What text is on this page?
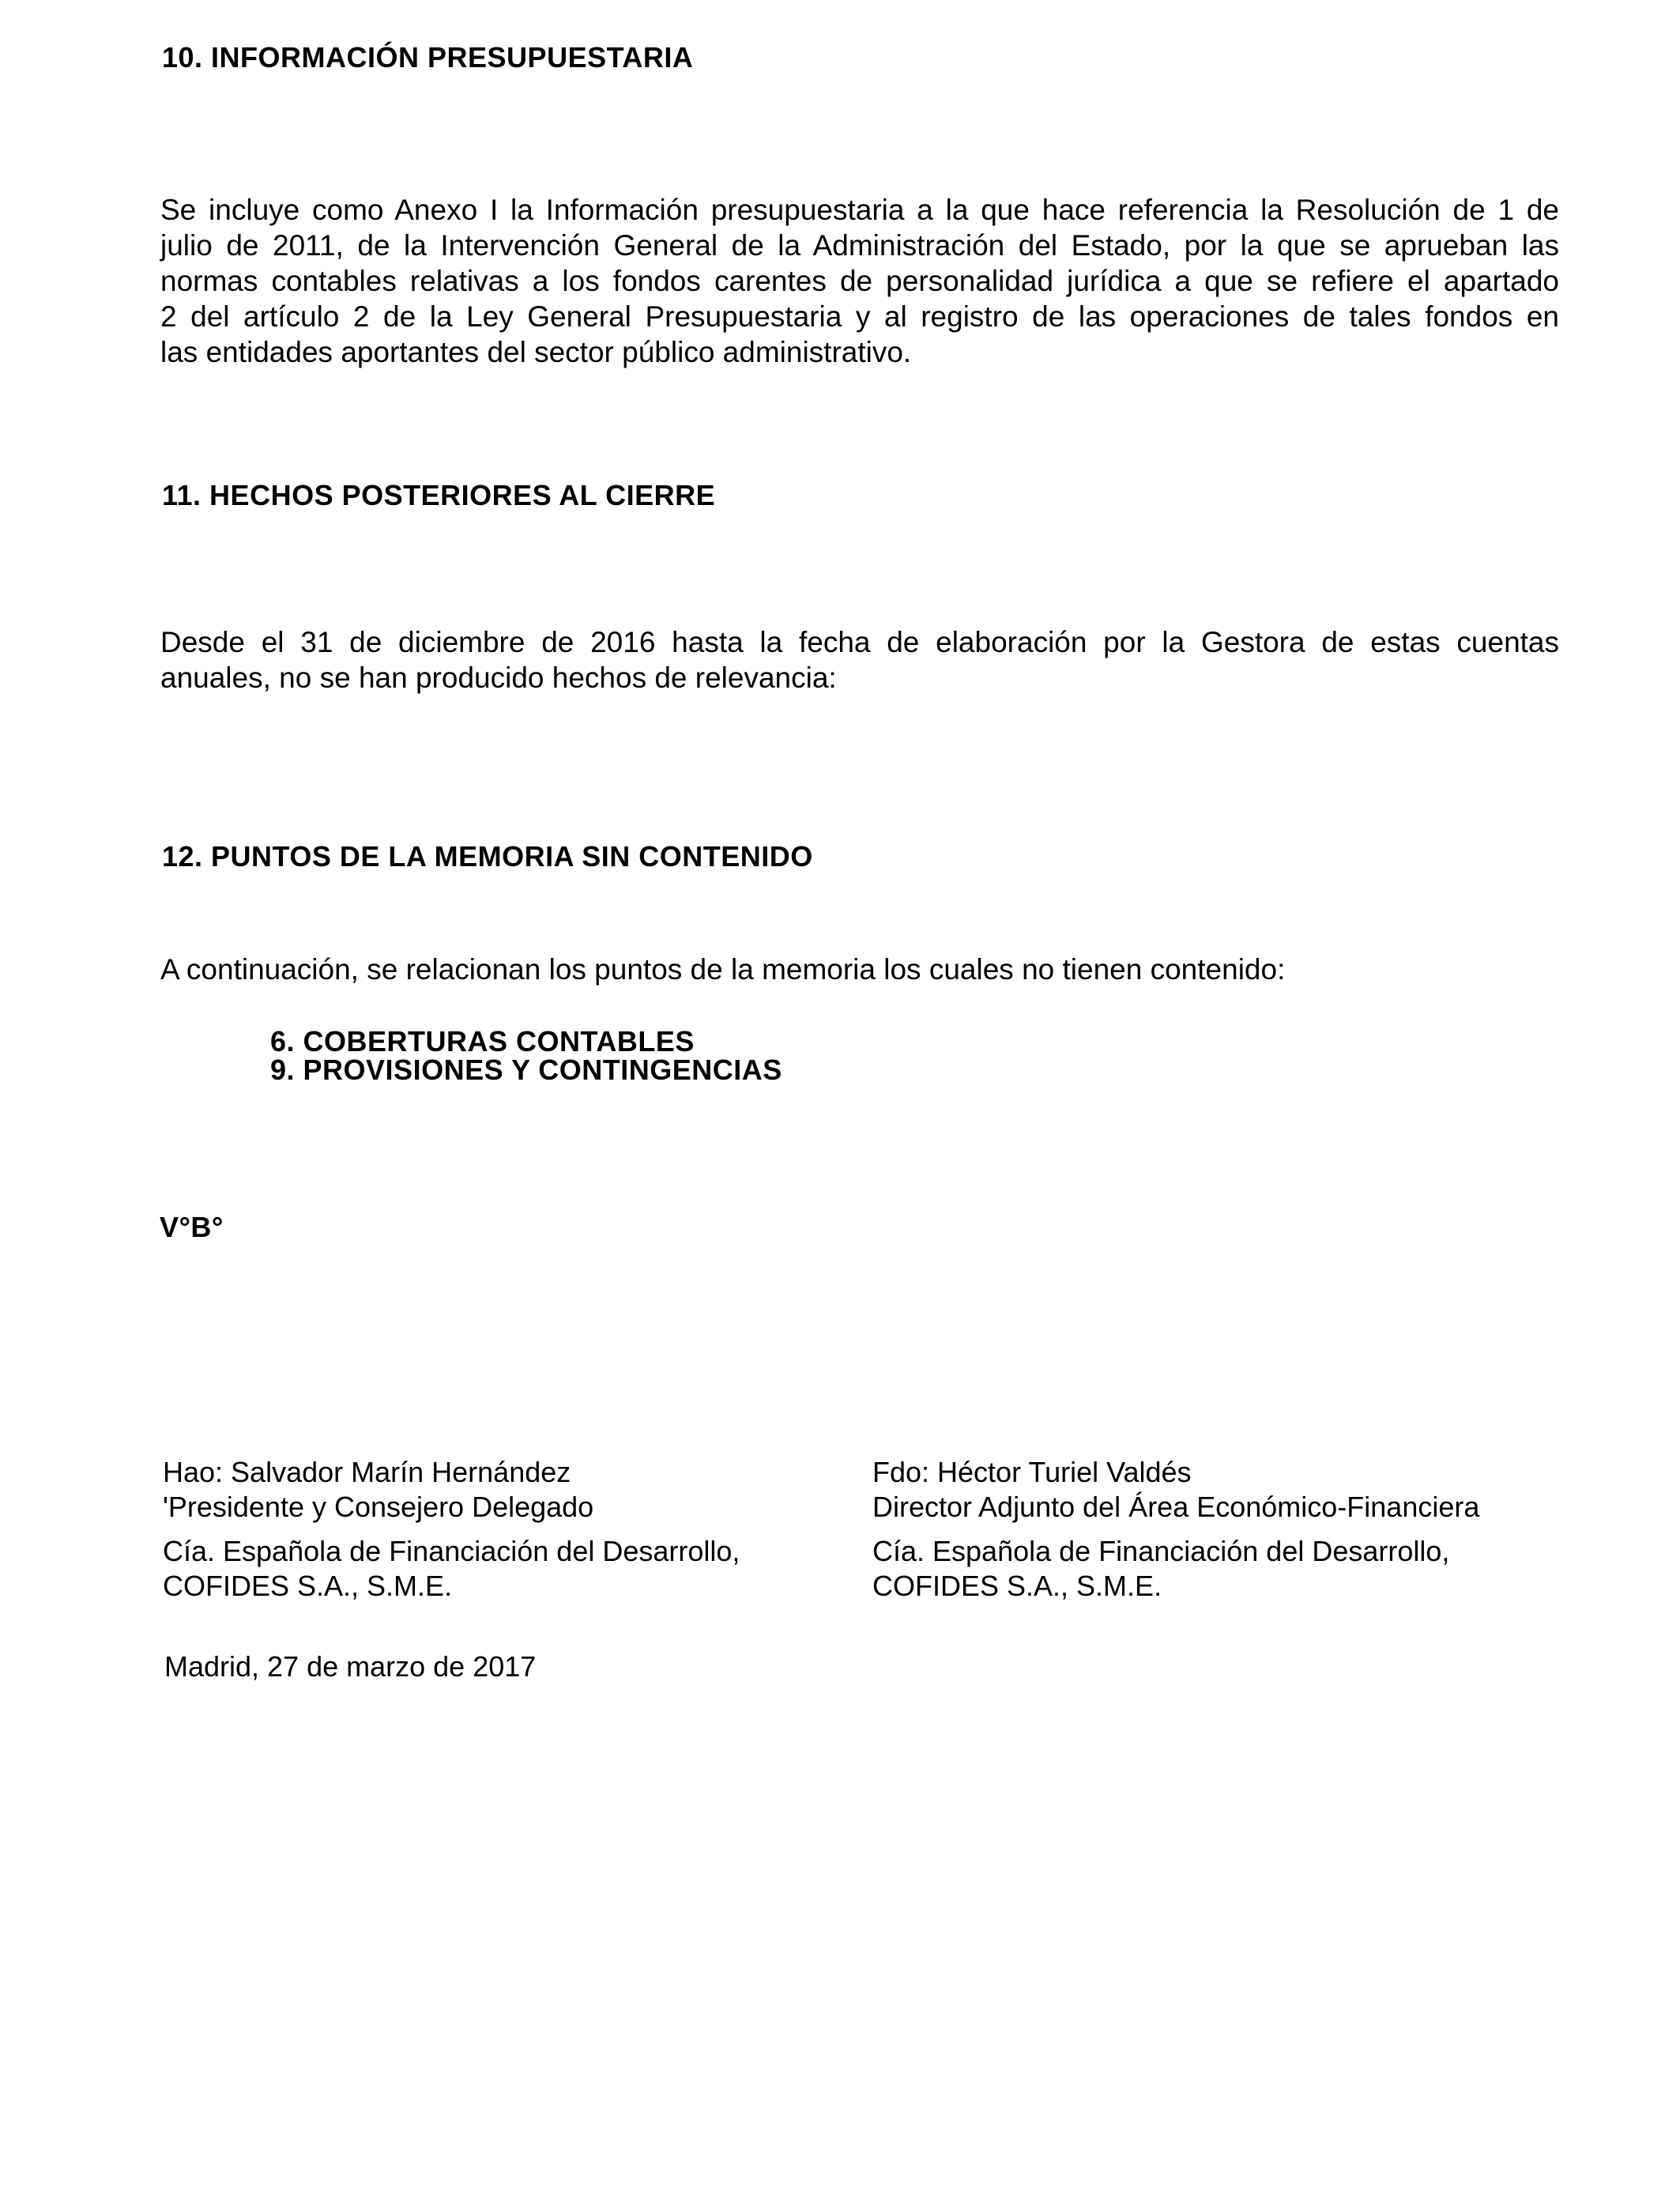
10. INFORMACIÓN PRESUPUESTARIA
Se incluye como Anexo I la Información presupuestaria a la que hace referencia la Resolución de 1 de
julio de 2011, de la Intervención General de la Administración del Estado, por la que se aprueban las
normas contables relativas a los fondos carentes de personalidad jurídica a que se refiere el apartado
2 del artículo 2 de la Ley General Presupuestaria y al registro de las operaciones de tales fondos en
las entidades aportantes del sector público administrativo.
11. HECHOS POSTERIORES AL CIERRE
Desde el 31 de diciembre de 2016 hasta la fecha de elaboración por la Gestora de estas cuentas
anuales, no se han producido hechos de relevancia:
12. PUNTOS DE LA MEMORIA SIN CONTENIDO
A continuación, se relacionan los puntos de la memoria los cuales no tienen contenido:
6. COBERTURAS CONTABLES
9. PROVISIONES Y CONTINGENCIAS
V°B°
Hao: Salvador Marín Hernández
'Presidente y Consejero Delegado
Cía. Española de Financiación del Desarrollo,
COFIDES S.A., S.M.E.
Fdo: Héctor Turiel Valdés
Director Adjunto del Área Económico-Financiera
Cía. Española de Financiación del Desarrollo,
COFIDES S.A., S.M.E.
Madrid, 27 de marzo de 2017
